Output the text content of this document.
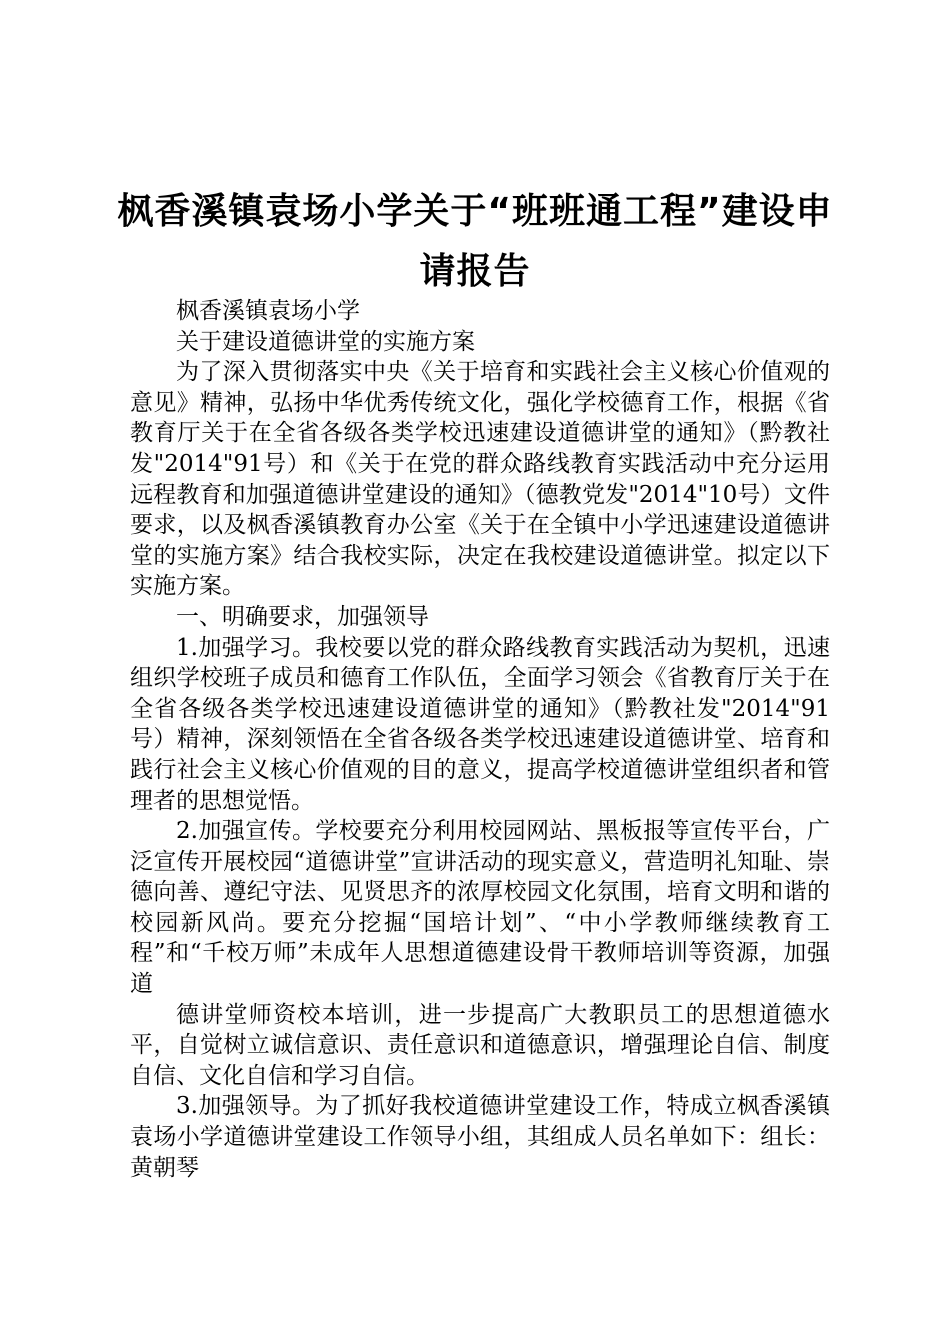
枫香溪镇袁场小学关于“班班通工程”建设申请报告

枫香溪镇袁场小学

关于建设道德讲堂的实施方案

为了深入贯彻落实中央《关于培育和实践社会主义核心价值观的意见》精神，弘扬中华优秀传统文化，强化学校德育工作，根据《省教育厅关于在全省各级各类学校迅速建设道德讲堂的通知》（黔教社发"2014"91号）和《关于在党的群众路线教育实践活动中充分运用远程教育和加强道德讲堂建设的通知》（德教党发"2014"10号）文件要求，以及枫香溪镇教育办公室《关于在全镇中小学迅速建设道德讲堂的实施方案》结合我校实际，决定在我校建设道德讲堂。拟定以下实施方案。

一、明确要求，加强领导

1.加强学习。我校要以党的群众路线教育实践活动为契机，迅速组织学校班子成员和德育工作队伍，全面学习领会《省教育厅关于在全省各级各类学校迅速建设道德讲堂的通知》（黔教社发"2014"91号）精神，深刻领悟在全省各级各类学校迅速建设道德讲堂、培育和践行社会主义核心价值观的目的意义，提高学校道德讲堂组织者和管理者的思想觉悟。

2.加强宣传。学校要充分利用校园网站、黑板报等宣传平台，广泛宣传开展校园“道德讲堂”宣讲活动的现实意义，营造明礼知耻、崇德向善、遵纪守法、见贤思齐的浓厚校园文化氛围，培育文明和谐的校园新风尚。要充分挖掘“国培计划”、“中小学教师继续教育工程”和“千校万师”未成年人思想道德建设骨干教师培训等资源，加强道

德讲堂师资校本培训，进一步提高广大教职员工的思想道德水平，自觉树立诚信意识、责任意识和道德意识，增强理论自信、制度自信、文化自信和学习自信。

3.加强领导。为了抓好我校道德讲堂建设工作，特成立枫香溪镇袁场小学道德讲堂建设工作领导小组，其组成人员名单如下：组长：黄朝琴
